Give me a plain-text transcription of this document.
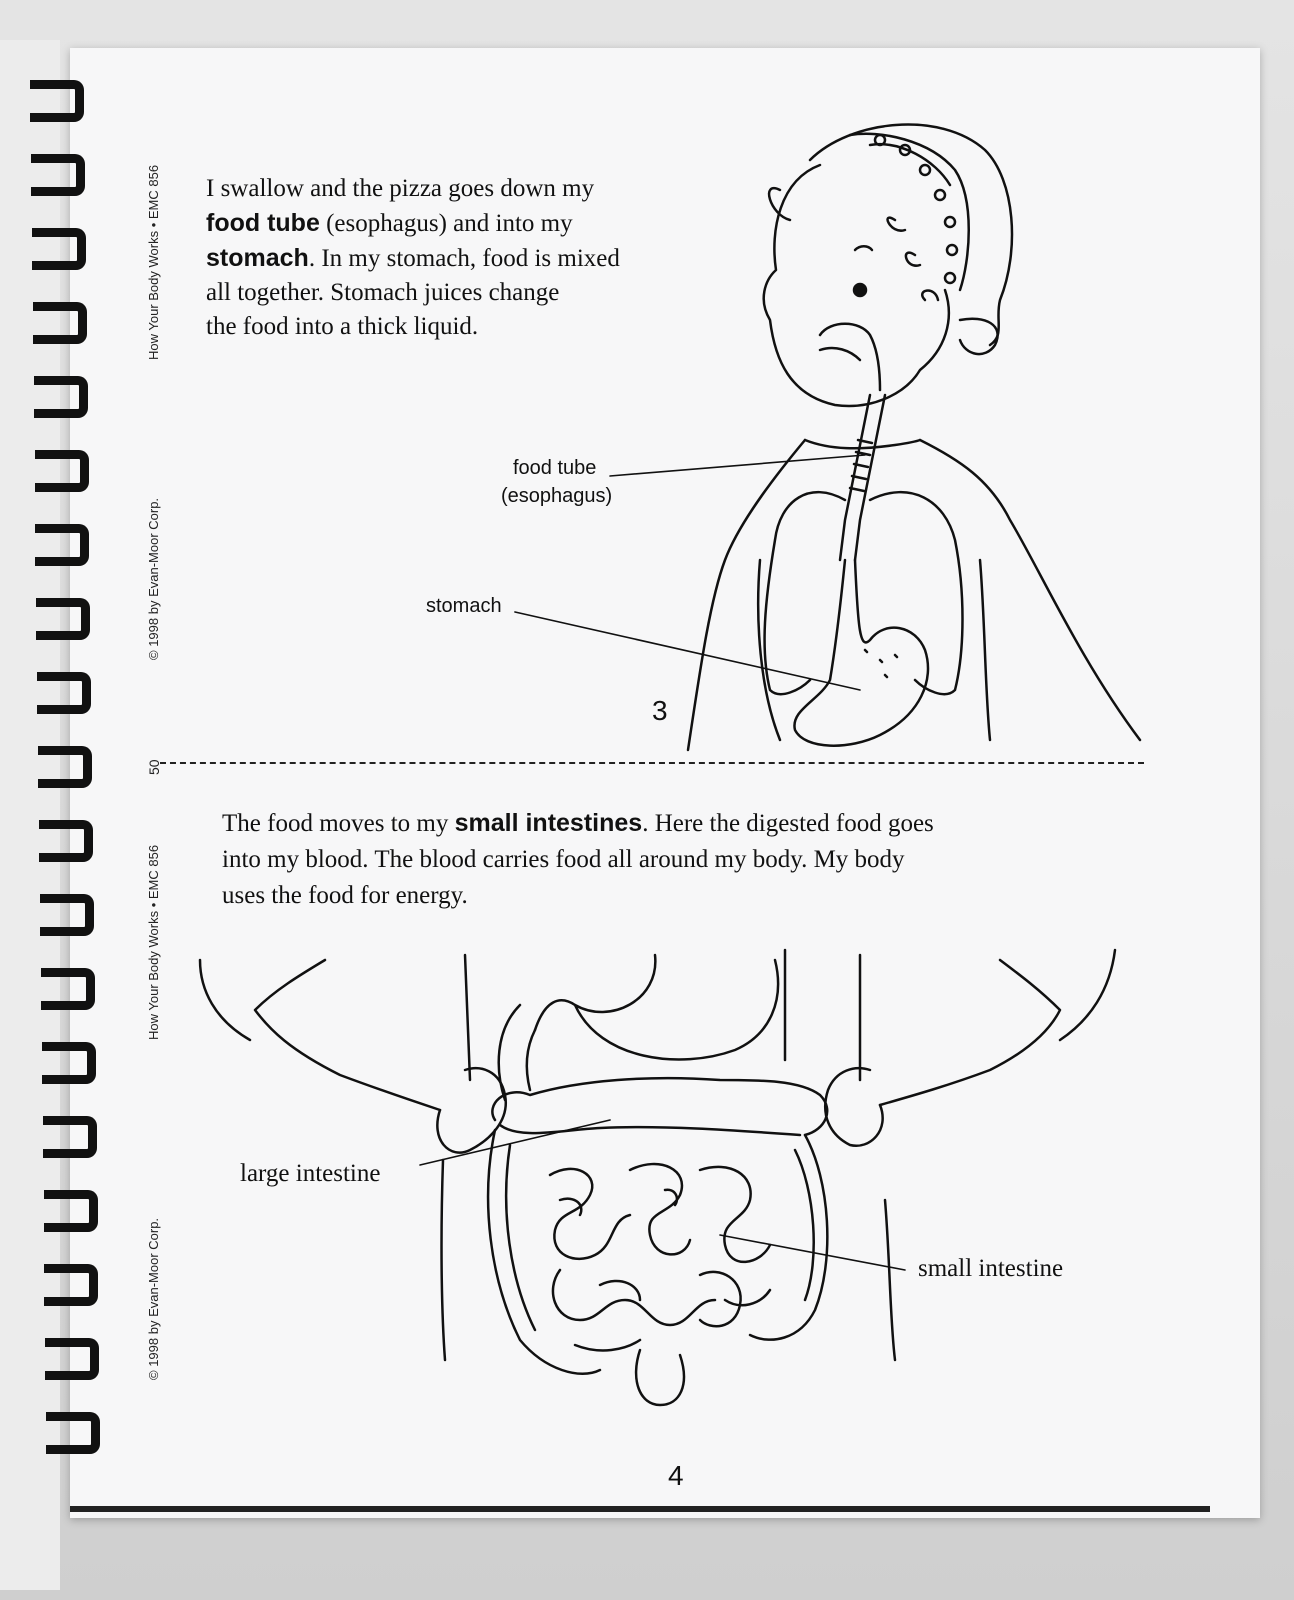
How Your Body Works • EMC 856
© 1998 by Evan-Moor Corp.
50
How Your Body Works • EMC 856
© 1998 by Evan-Moor Corp.
I swallow and the pizza goes down my
food tube (esophagus) and into my
stomach. In my stomach, food is mixed
all together. Stomach juices change
the food into a thick liquid.
food tube
(esophagus)
stomach
3
The food moves to my small intestines. Here the digested food goes
into my blood. The blood carries food all around my body. My body
uses the food for energy.
large intestine
small intestine
4
